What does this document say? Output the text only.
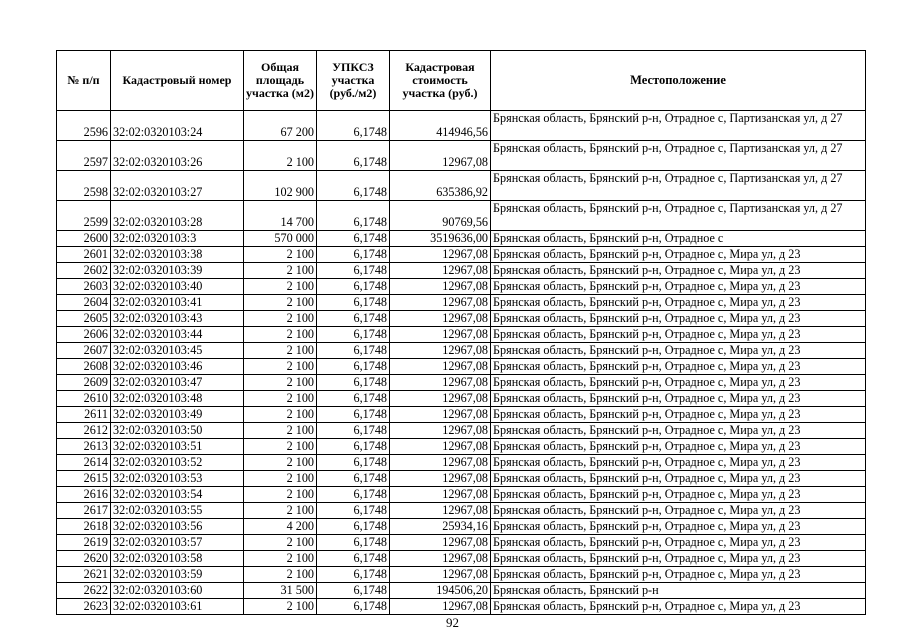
№ п/п	Кадастровый номер	Общая площадь участка (м2)	УПКСЗ участка (руб./м2)	Кадастровая стоимость участка (руб.)	Местоположение
2596	32:02:0320103:24	67 200	6,1748	414946,56	Брянская область, Брянский р-н, Отрадное с, Партизанская ул, д 27
2597	32:02:0320103:26	2 100	6,1748	12967,08	Брянская область, Брянский р-н, Отрадное с, Партизанская ул, д 27
2598	32:02:0320103:27	102 900	6,1748	635386,92	Брянская область, Брянский р-н, Отрадное с, Партизанская ул, д 27
2599	32:02:0320103:28	14 700	6,1748	90769,56	Брянская область, Брянский р-н, Отрадное с, Партизанская ул, д 27
2600	32:02:0320103:3	570 000	6,1748	3519636,00	Брянская область, Брянский р-н, Отрадное с
2601	32:02:0320103:38	2 100	6,1748	12967,08	Брянская область, Брянский р-н, Отрадное с, Мира ул, д 23
2602	32:02:0320103:39	2 100	6,1748	12967,08	Брянская область, Брянский р-н, Отрадное с, Мира ул, д 23
2603	32:02:0320103:40	2 100	6,1748	12967,08	Брянская область, Брянский р-н, Отрадное с, Мира ул, д 23
2604	32:02:0320103:41	2 100	6,1748	12967,08	Брянская область, Брянский р-н, Отрадное с, Мира ул, д 23
2605	32:02:0320103:43	2 100	6,1748	12967,08	Брянская область, Брянский р-н, Отрадное с, Мира ул, д 23
2606	32:02:0320103:44	2 100	6,1748	12967,08	Брянская область, Брянский р-н, Отрадное с, Мира ул, д 23
2607	32:02:0320103:45	2 100	6,1748	12967,08	Брянская область, Брянский р-н, Отрадное с, Мира ул, д 23
2608	32:02:0320103:46	2 100	6,1748	12967,08	Брянская область, Брянский р-н, Отрадное с, Мира ул, д 23
2609	32:02:0320103:47	2 100	6,1748	12967,08	Брянская область, Брянский р-н, Отрадное с, Мира ул, д 23
2610	32:02:0320103:48	2 100	6,1748	12967,08	Брянская область, Брянский р-н, Отрадное с, Мира ул, д 23
2611	32:02:0320103:49	2 100	6,1748	12967,08	Брянская область, Брянский р-н, Отрадное с, Мира ул, д 23
2612	32:02:0320103:50	2 100	6,1748	12967,08	Брянская область, Брянский р-н, Отрадное с, Мира ул, д 23
2613	32:02:0320103:51	2 100	6,1748	12967,08	Брянская область, Брянский р-н, Отрадное с, Мира ул, д 23
2614	32:02:0320103:52	2 100	6,1748	12967,08	Брянская область, Брянский р-н, Отрадное с, Мира ул, д 23
2615	32:02:0320103:53	2 100	6,1748	12967,08	Брянская область, Брянский р-н, Отрадное с, Мира ул, д 23
2616	32:02:0320103:54	2 100	6,1748	12967,08	Брянская область, Брянский р-н, Отрадное с, Мира ул, д 23
2617	32:02:0320103:55	2 100	6,1748	12967,08	Брянская область, Брянский р-н, Отрадное с, Мира ул, д 23
2618	32:02:0320103:56	4 200	6,1748	25934,16	Брянская область, Брянский р-н, Отрадное с, Мира ул, д 23
2619	32:02:0320103:57	2 100	6,1748	12967,08	Брянская область, Брянский р-н, Отрадное с, Мира ул, д 23
2620	32:02:0320103:58	2 100	6,1748	12967,08	Брянская область, Брянский р-н, Отрадное с, Мира ул, д 23
2621	32:02:0320103:59	2 100	6,1748	12967,08	Брянская область, Брянский р-н, Отрадное с, Мира ул, д 23
2622	32:02:0320103:60	31 500	6,1748	194506,20	Брянская область, Брянский р-н
2623	32:02:0320103:61	2 100	6,1748	12967,08	Брянская область, Брянский р-н, Отрадное с, Мира ул, д 23
92
